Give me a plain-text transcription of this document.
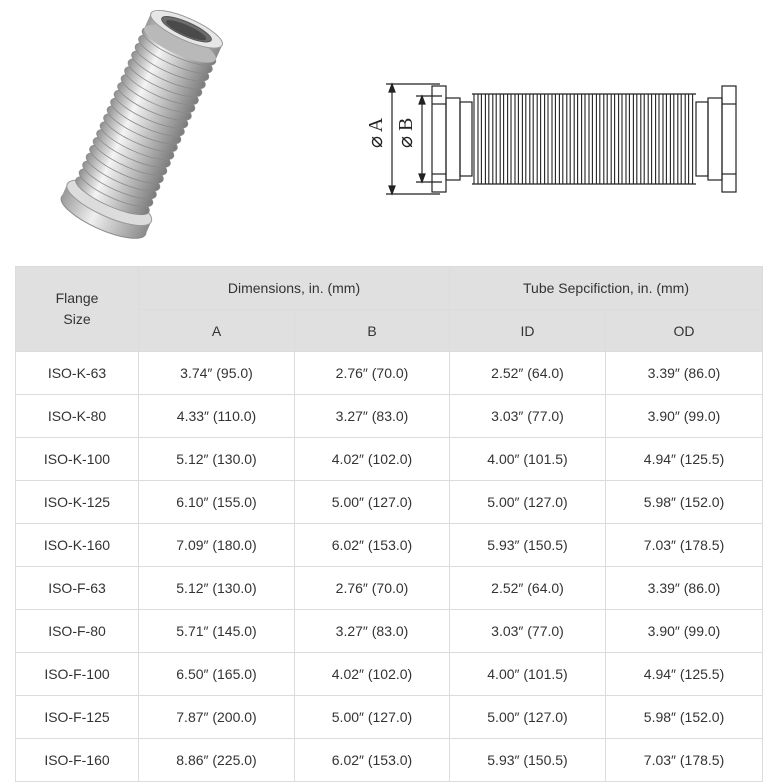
⌀ A
⌀ B
Flange
Size	Dimensions, in. (mm)		Tube Sepcifiction, in. (mm)	
	A	B	ID	OD
ISO-K-63	3.74″ (95.0)	2.76″ (70.0)	2.52″ (64.0)	3.39″ (86.0)
ISO-K-80	4.33″ (110.0)	3.27″ (83.0)	3.03″ (77.0)	3.90″ (99.0)
ISO-K-100	5.12″ (130.0)	4.02″ (102.0)	4.00″ (101.5)	4.94″ (125.5)
ISO-K-125	6.10″ (155.0)	5.00″ (127.0)	5.00″ (127.0)	5.98″ (152.0)
ISO-K-160	7.09″ (180.0)	6.02″ (153.0)	5.93″ (150.5)	7.03″ (178.5)
ISO-F-63	5.12″ (130.0)	2.76″ (70.0)	2.52″ (64.0)	3.39″ (86.0)
ISO-F-80	5.71″ (145.0)	3.27″ (83.0)	3.03″ (77.0)	3.90″ (99.0)
ISO-F-100	6.50″ (165.0)	4.02″ (102.0)	4.00″ (101.5)	4.94″ (125.5)
ISO-F-125	7.87″ (200.0)	5.00″ (127.0)	5.00″ (127.0)	5.98″ (152.0)
ISO-F-160	8.86″ (225.0)	6.02″ (153.0)	5.93″ (150.5)	7.03″ (178.5)
